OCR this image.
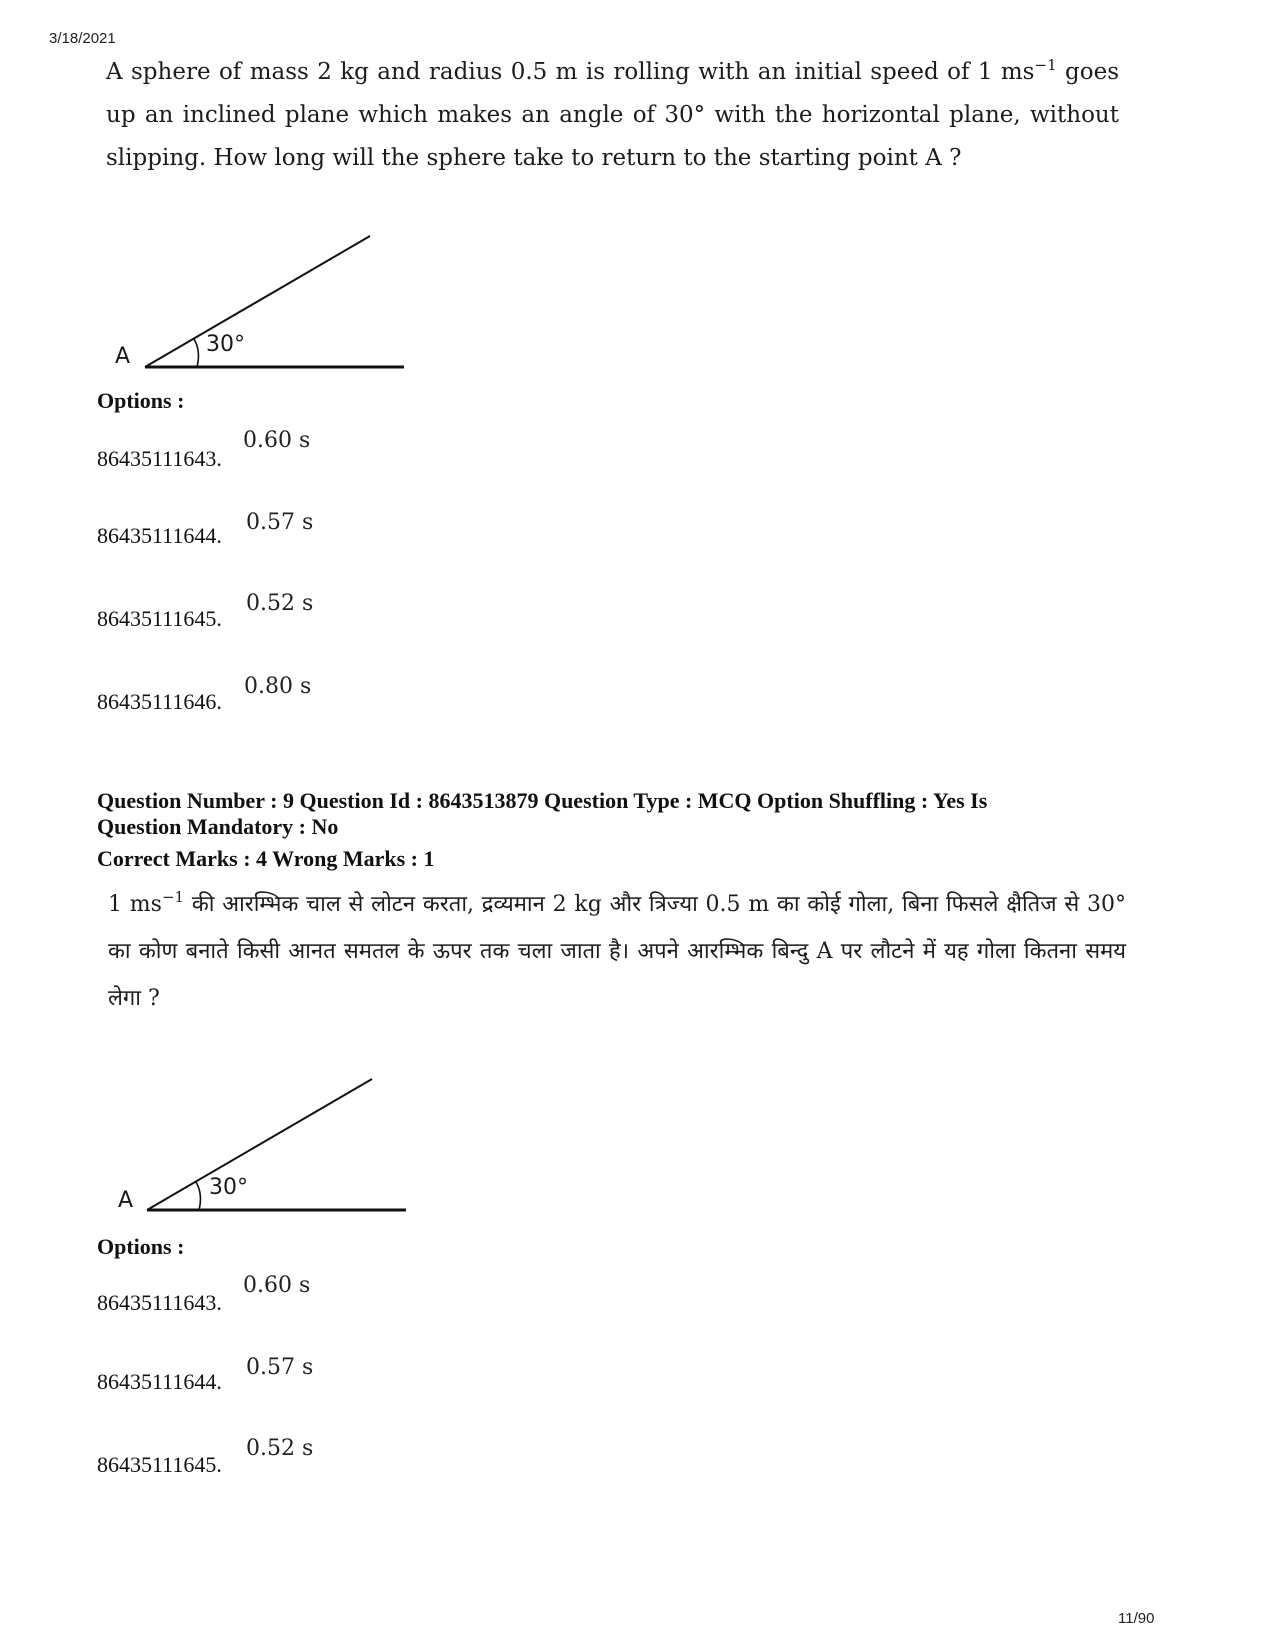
3/18/2021
11/90
A sphere of mass 2 kg and radius 0.5 m is rolling with an initial speed of 1 $ms^{-1}$ goes up an inclined plane which makes an angle of 30° with the horizontal plane, without slipping. How long will the sphere take to return to the starting point A ?
A	30°
Options :
86435111643.
0.60 s
86435111644.
0.57 s
86435111645.
0.52 s
86435111646.
0.80 s
Question Number : 9 Question Id : 8643513879 Question Type : MCQ Option Shuffling : Yes Is
Question Mandatory : No
Correct Marks : 4 Wrong Marks : 1
1 $ms^{-1}$ की आरम्भिक चाल से लोटन करता, द्रव्यमान 2 kg और त्रिज्या 0.5 m का कोई गोला, बिना फिसले क्षैतिज से 30° का कोण बनाते किसी आनत समतल के ऊपर तक चला जाता है। अपने आरम्भिक बिन्दु A पर लौटने में यह गोला कितना समय लेगा ?
A
30°
Options :
86435111643.
0.60 s
86435111644.
0.57 s
86435111645.
0.52 s
